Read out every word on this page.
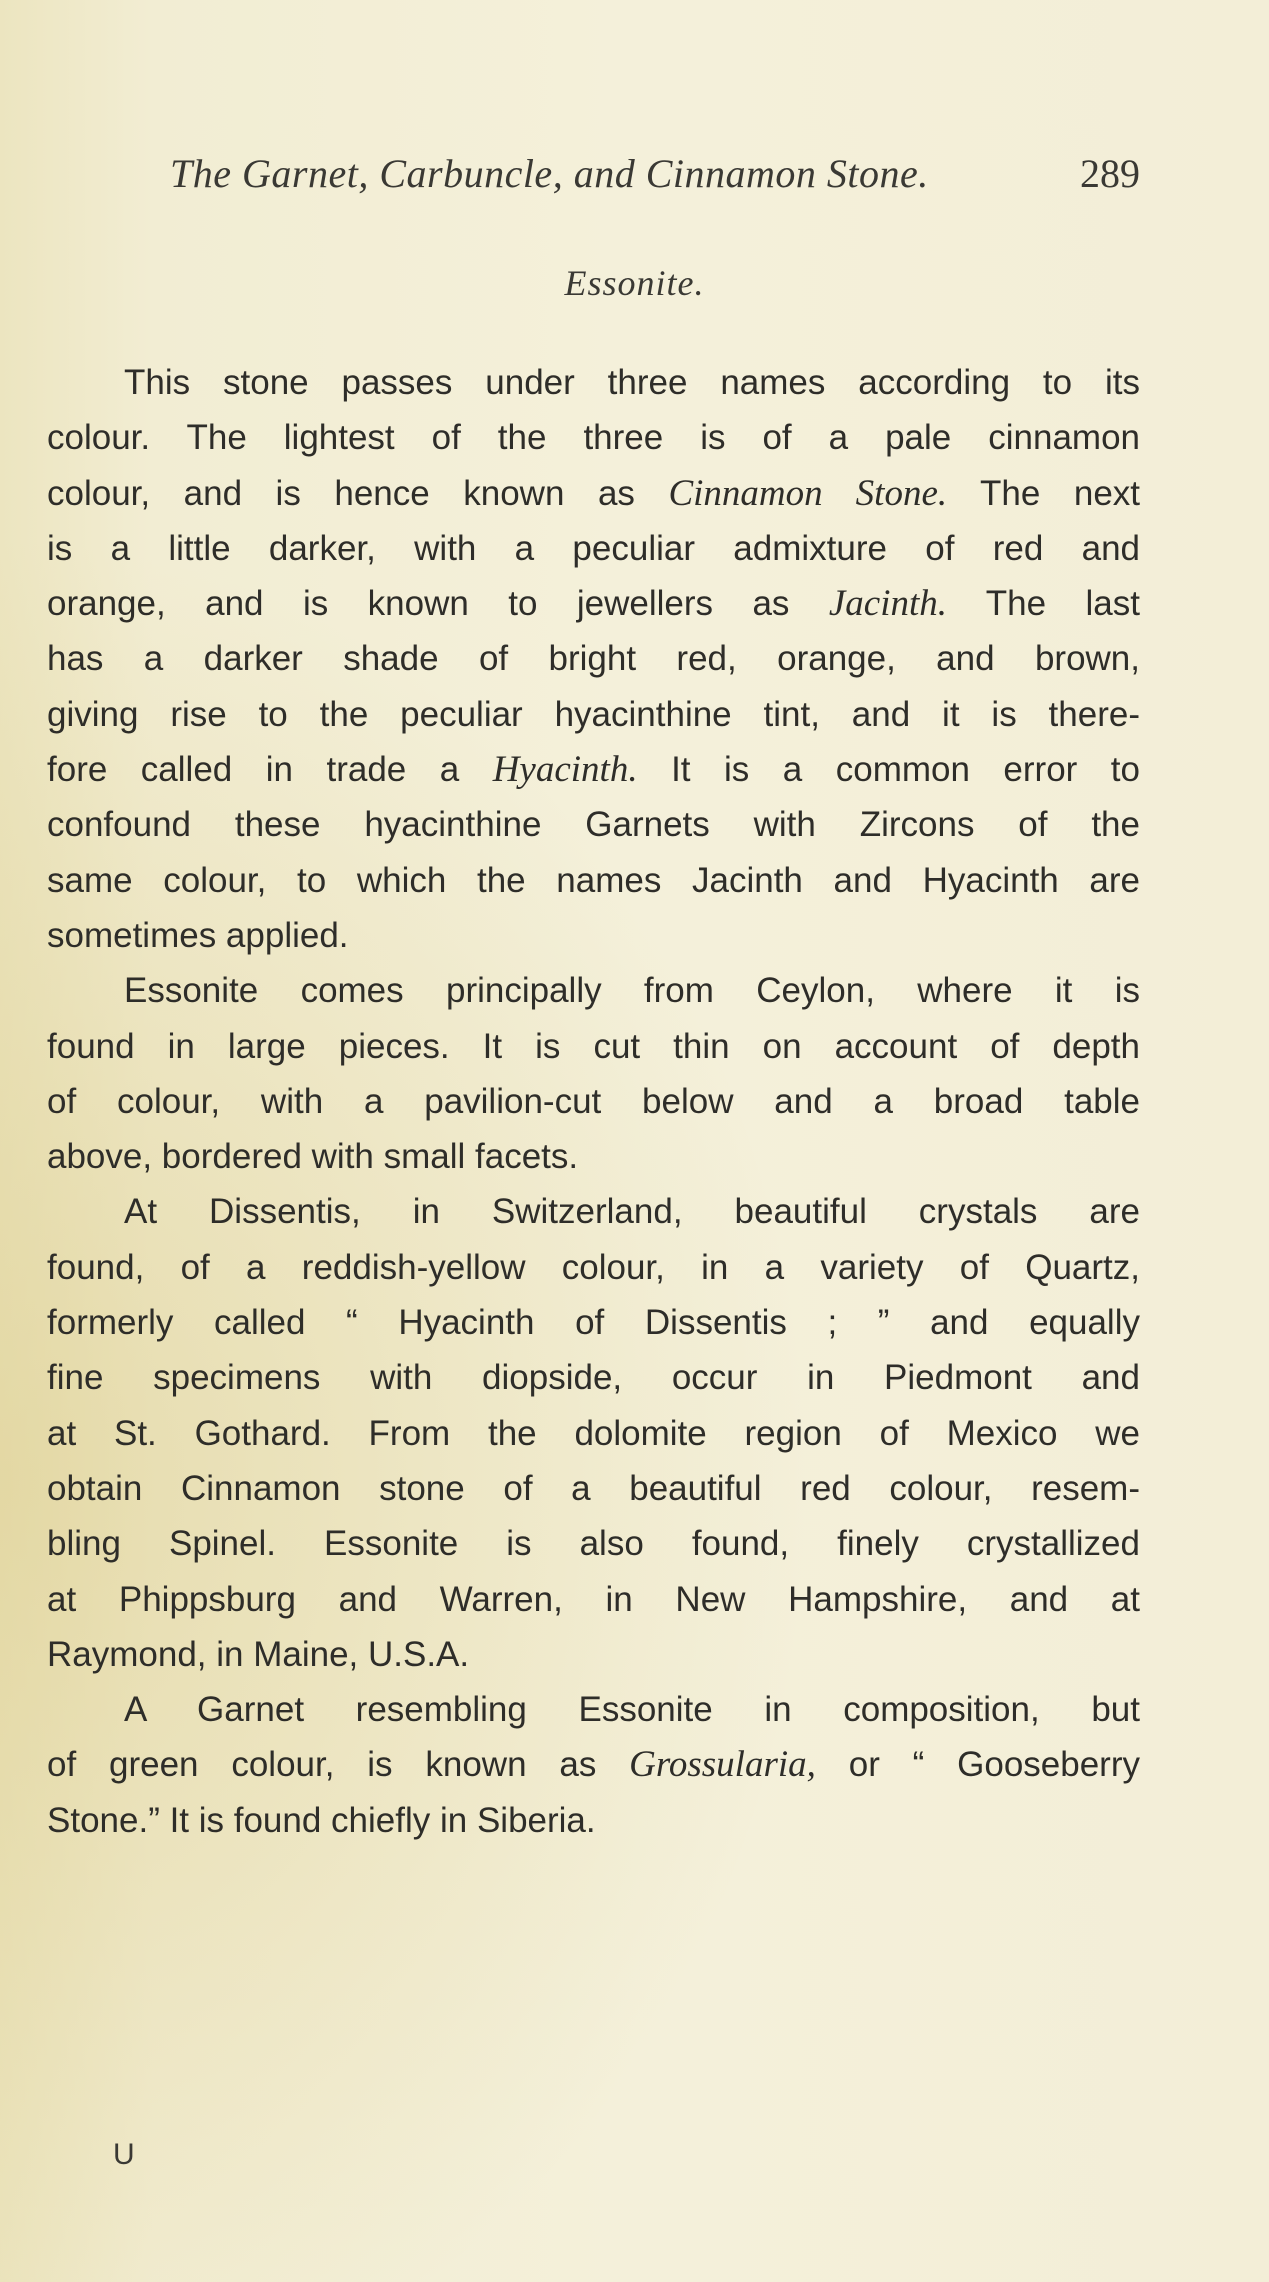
The Garnet, Carbuncle, and Cinnamon Stone.	289
Essonite.
This stone passes under three names according to its
colour. The lightest of the three is of a pale cinnamon
colour, and is hence known as Cinnamon Stone. The next
is a little darker, with a peculiar admixture of red and
orange, and is known to jewellers as Jacinth. The last
has a darker shade of bright red, orange, and brown,
giving rise to the peculiar hyacinthine tint, and it is there-
fore called in trade a Hyacinth. It is a common error to
confound these hyacinthine Garnets with Zircons of the
same colour, to which the names Jacinth and Hyacinth are
sometimes applied.
Essonite comes principally from Ceylon, where it is
found in large pieces. It is cut thin on account of depth
of colour, with a pavilion-cut below and a broad table
above, bordered with small facets.
At Dissentis, in Switzerland, beautiful crystals are
found, of a reddish-yellow colour, in a variety of Quartz,
formerly called “ Hyacinth of Dissentis ; ” and equally
fine specimens with diopside, occur in Piedmont and
at St. Gothard. From the dolomite region of Mexico we
obtain Cinnamon stone of a beautiful red colour, resem-
bling Spinel. Essonite is also found, finely crystallized
at Phippsburg and Warren, in New Hampshire, and at
Raymond, in Maine, U.S.A.
A Garnet resembling Essonite in composition, but
of green colour, is known as Grossularia, or “ Gooseberry
Stone.” It is found chiefly in Siberia.
U
